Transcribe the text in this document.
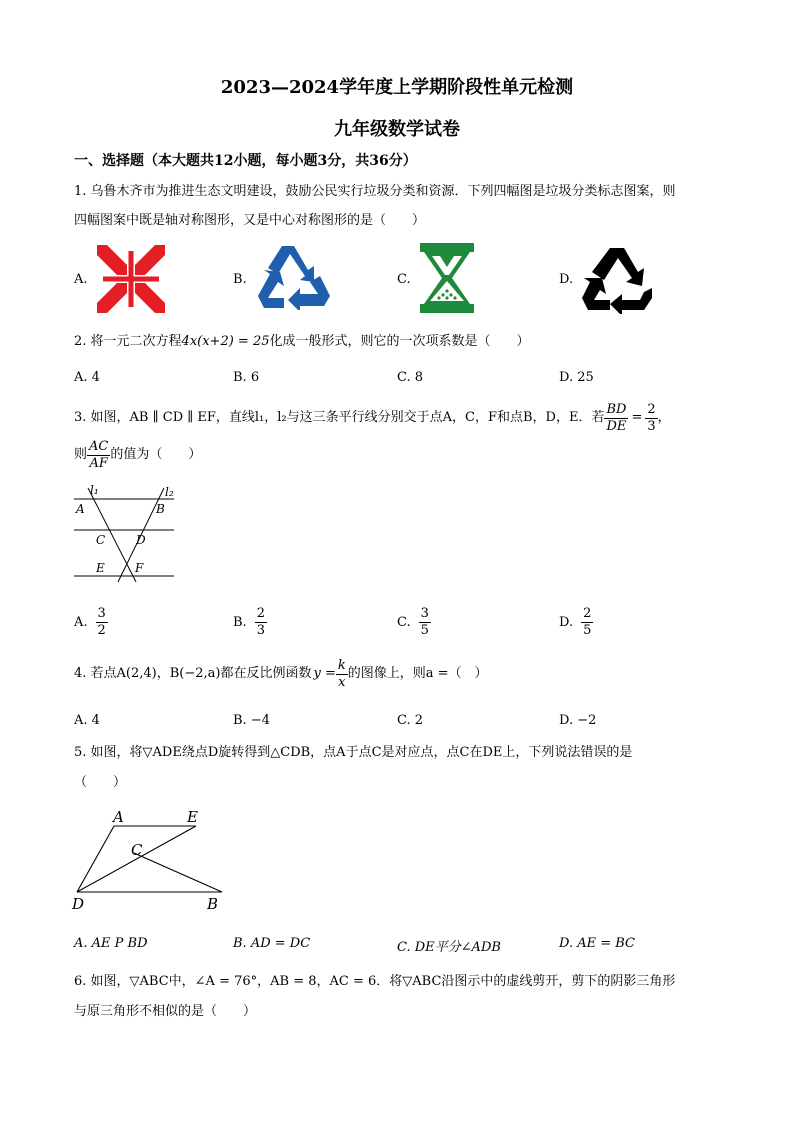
2023—2024学年度上学期阶段性单元检测
九年级数学试卷
一、选择题（本大题共12小题，每小题3分，共36分）
1. 乌鲁木齐市为推进生态文明建设，鼓励公民实行垃圾分类和资源．下列四幅图是垃圾分类标志图案，则
四幅图案中既是轴对称图形，又是中心对称图形的是（　　）
A.	B.	C.	D.
2. 将一元二次方程4x(x+2) = 25化成一般形式，则它的一次项系数是（　　）
A. 4	B. 6	C. 8	D. 25
3. 如图，AB ∥ CD ∥ EF，直线l₁，l₂与这三条平行线分别交于点A，C，F和点B，D，E．若 $\frac{BD}{DE} = \frac{2}{3}$ ，
则 $\frac{AC}{AF}$ 的值为（　　）
l₁	l₂
A	B
C	D
E	F
A. $\frac{3}{2}$	B. $\frac{2}{3}$	C. $\frac{3}{5}$	D. $\frac{2}{5}$
4. 若点A(2,4)，B(−2,a)都在反比例函数 $y = \frac{k}{x}$ 的图像上，则a =（　）
A. 4	B. −4	C. 2	D. −2
5. 如图，将▽ADE绕点D旋转得到△CDB，点A于点C是对应点，点C在DE上，下列说法错误的是
（　　）
A	E
C
D	B
A. AE P BD	B. AD = DC	C. DE平分∠ADB	D. AE = BC
6. 如图，▽ABC中，∠A = 76°，AB = 8，AC = 6．将▽ABC沿图示中的虚线剪开，剪下的阴影三角形
与原三角形不相似的是（　　）
